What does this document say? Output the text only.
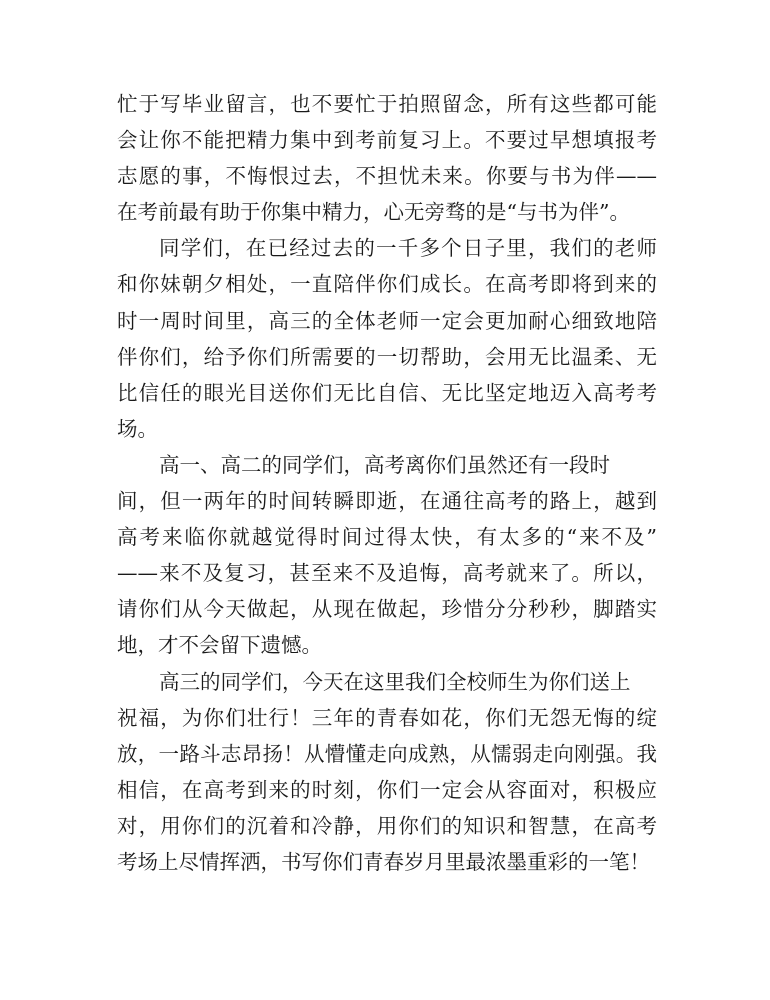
忙于写毕业留言，也不要忙于拍照留念，所有这些都可能
会让你不能把精力集中到考前复习上。不要过早想填报考
志愿的事，不悔恨过去，不担忧未来。你要与书为伴——
在考前最有助于你集中精力，心无旁骛的是“与书为伴”。
同学们，在已经过去的一千多个日子里，我们的老师
和你妹朝夕相处，一直陪伴你们成长。在高考即将到来的
时一周时间里，高三的全体老师一定会更加耐心细致地陪
伴你们，给予你们所需要的一切帮助，会用无比温柔、无
比信任的眼光目送你们无比自信、无比坚定地迈入高考考
场。
高一、高二的同学们，高考离你们虽然还有一段时
间，但一两年的时间转瞬即逝，在通往高考的路上，越到
高考来临你就越觉得时间过得太快，有太多的“来不及”
——来不及复习，甚至来不及追悔，高考就来了。所以，
请你们从今天做起，从现在做起，珍惜分分秒秒，脚踏实
地，才不会留下遗憾。
高三的同学们，今天在这里我们全校师生为你们送上
祝福，为你们壮行！三年的青春如花，你们无怨无悔的绽
放，一路斗志昂扬！从懵懂走向成熟，从懦弱走向刚强。我
相信，在高考到来的时刻，你们一定会从容面对，积极应
对，用你们的沉着和冷静，用你们的知识和智慧，在高考
考场上尽情挥洒，书写你们青春岁月里最浓墨重彩的一笔！
